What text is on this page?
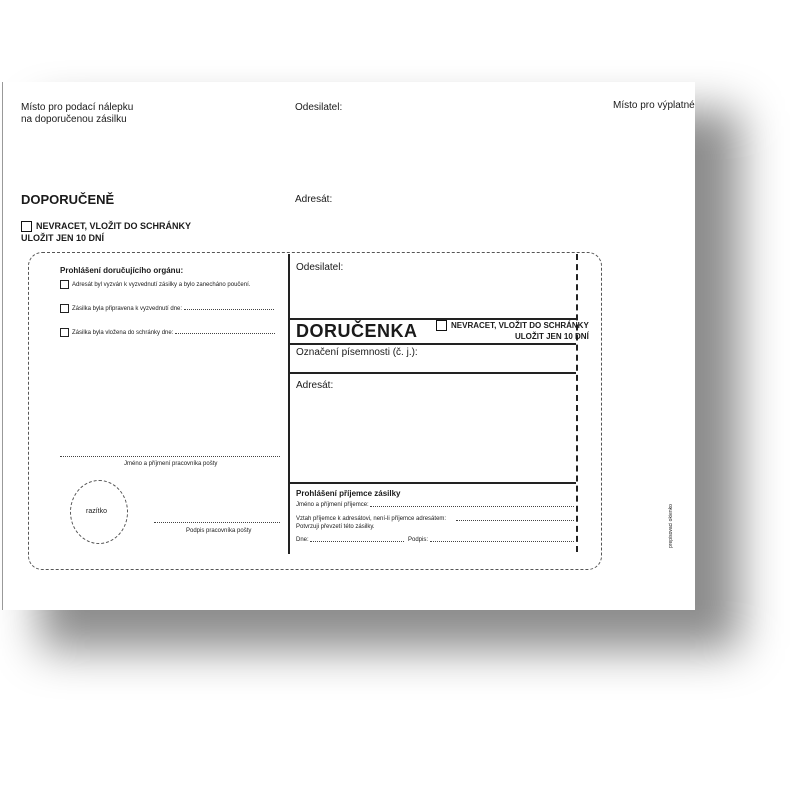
Místo pro podací nálepku
na doporučenou zásilku
Odesilatel:	Místo pro výplatné
DOPORUČENĚ	Adresát:
NEVRACET, VLOŽIT DO SCHRÁNKY
ULOŽIT JEN 10 DNÍ
Prohlášení doručujícího orgánu:
Adresát byl vyzván k vyzvednutí zásilky a bylo zanecháno poučení.
Zásilka byla připravena k vyzvednutí dne:
Zásilka byla vložena do schránky dne:
Jméno a příjmení pracovníka pošty
razítko
Podpis pracovníka pošty
Odesilatel:
DORUČENKA	NEVRACET, VLOŽIT DO SCHRÁNKY
ULOŽIT JEN 10 DNÍ
Označení písemnosti (č. j.):
Adresát:
Prohlášení příjemce zásilky
Jméno a příjmení příjemce:
Vztah příjemce k adresátovi, není-li příjemce adresátem:
Potvrzuji převzetí této zásilky.
Dne:	Podpis:	prepisovaci okienko
